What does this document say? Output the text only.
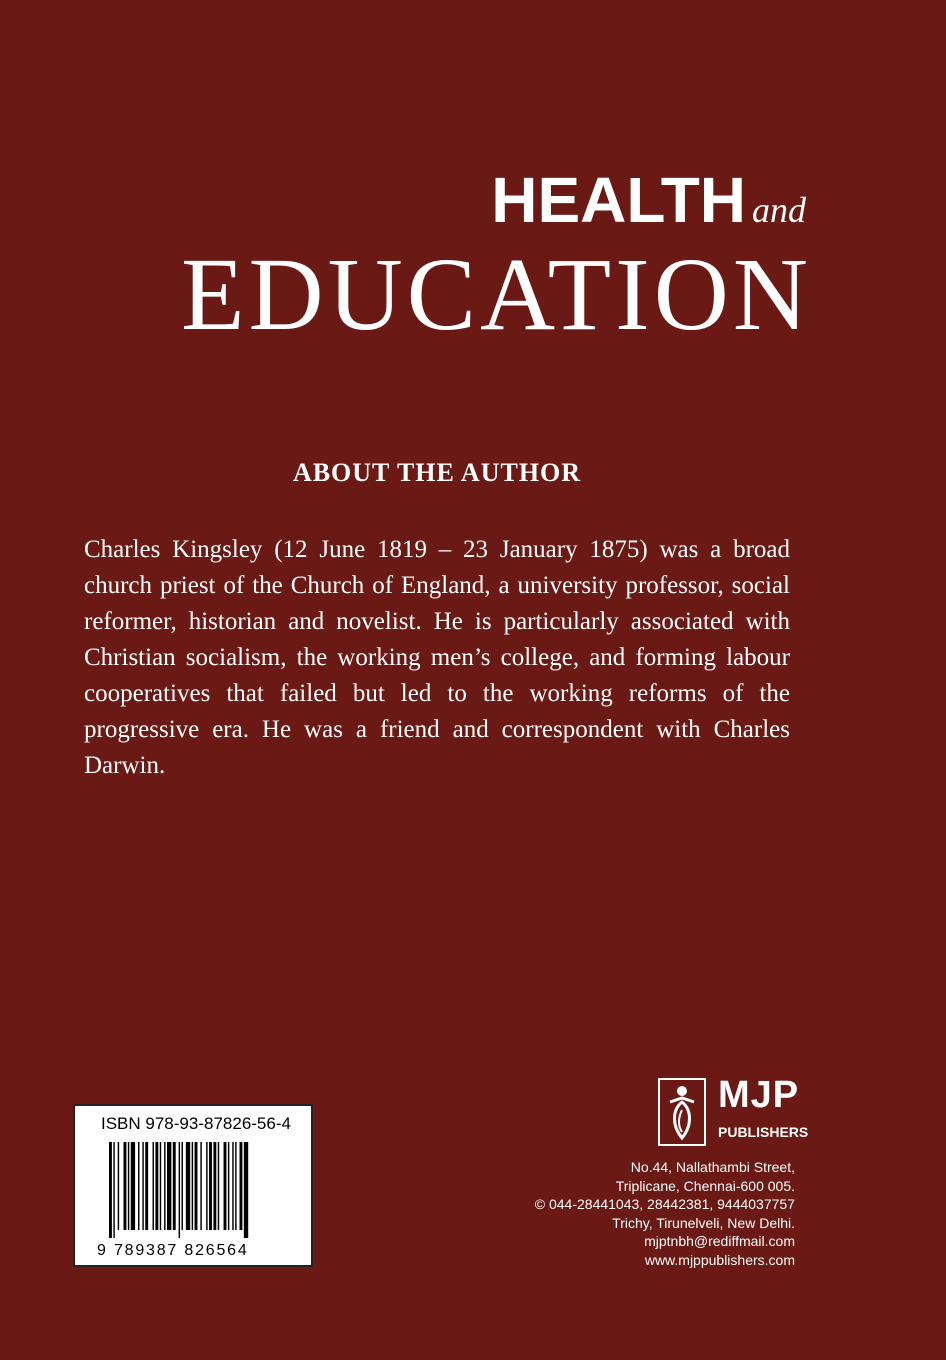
HEALTH and
EDUCATION
ABOUT THE AUTHOR
Charles Kingsley (12 June 1819 – 23 January 1875) was a broad church priest of the Church of England, a university professor, social reformer, historian and novelist. He is particularly associated with Christian socialism, the working men’s college, and forming labour cooperatives that failed but led to the working reforms of the progressive era. He was a friend and correspondent with Charles Darwin.
ISBN 978-93-87826-56-4
9 789387 826564
MJP
PUBLISHERS
No.44, Nallathambi Street,
Triplicane, Chennai-600 005.
© 044-28441043, 28442381, 9444037757
Trichy, Tirunelveli, New Delhi.
mjptnbh@rediffmail.com
www.mjppublishers.com
